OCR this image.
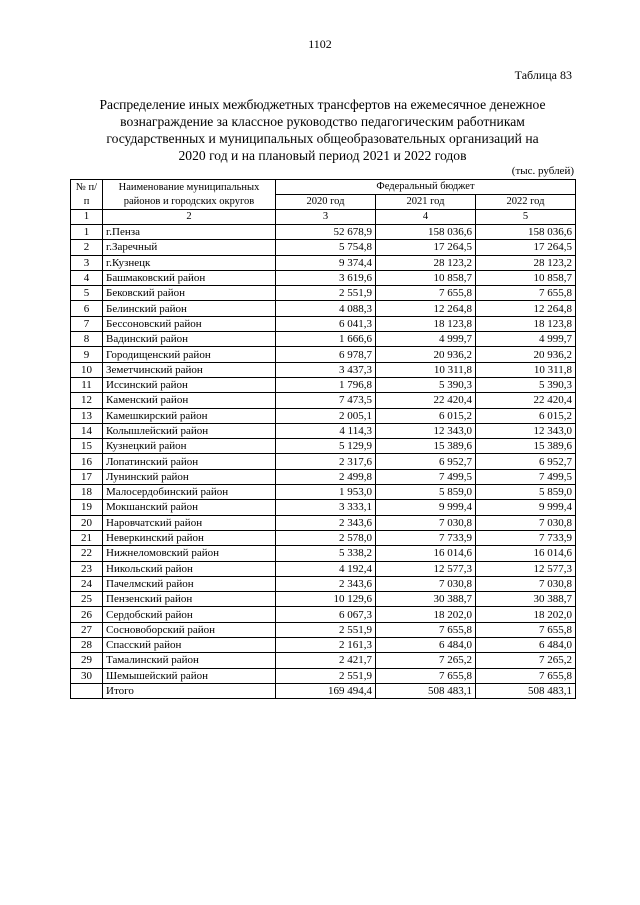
1102
Таблица 83
Распределение иных межбюджетных трансфертов на ежемесячное денежное
вознаграждение за классное руководство педагогическим работникам
государственных и муниципальных общеобразовательных организаций на
2020 год и на плановый период 2021 и 2022 годов
(тыс. рублей)
№ п/п	Наименование муниципальных районов и городских округов	Федеральный бюджет		
		2020 год	2021 год	2022 год
1	2	3	4	5
1	г.Пенза	52 678,9	158 036,6	158 036,6
2	г.Заречный	5 754,8	17 264,5	17 264,5
3	г.Кузнецк	9 374,4	28 123,2	28 123,2
4	Башмаковский район	3 619,6	10 858,7	10 858,7
5	Бековский район	2 551,9	7 655,8	7 655,8
6	Белинский район	4 088,3	12 264,8	12 264,8
7	Бессоновский район	6 041,3	18 123,8	18 123,8
8	Вадинский район	1 666,6	4 999,7	4 999,7
9	Городищенский район	6 978,7	20 936,2	20 936,2
10	Земетчинский район	3 437,3	10 311,8	10 311,8
11	Иссинский район	1 796,8	5 390,3	5 390,3
12	Каменский район	7 473,5	22 420,4	22 420,4
13	Камешкирский район	2 005,1	6 015,2	6 015,2
14	Колышлейский район	4 114,3	12 343,0	12 343,0
15	Кузнецкий район	5 129,9	15 389,6	15 389,6
16	Лопатинский район	2 317,6	6 952,7	6 952,7
17	Лунинский район	2 499,8	7 499,5	7 499,5
18	Малосердобинский район	1 953,0	5 859,0	5 859,0
19	Мокшанский район	3 333,1	9 999,4	9 999,4
20	Наровчатский район	2 343,6	7 030,8	7 030,8
21	Неверкинский район	2 578,0	7 733,9	7 733,9
22	Нижнеломовский район	5 338,2	16 014,6	16 014,6
23	Никольский район	4 192,4	12 577,3	12 577,3
24	Пачелмский район	2 343,6	7 030,8	7 030,8
25	Пензенский район	10 129,6	30 388,7	30 388,7
26	Сердобский район	6 067,3	18 202,0	18 202,0
27	Сосновоборский район	2 551,9	7 655,8	7 655,8
28	Спасский район	2 161,3	6 484,0	6 484,0
29	Тамалинский район	2 421,7	7 265,2	7 265,2
30	Шемышейский район	2 551,9	7 655,8	7 655,8
	Итого	169 494,4	508 483,1	508 483,1
